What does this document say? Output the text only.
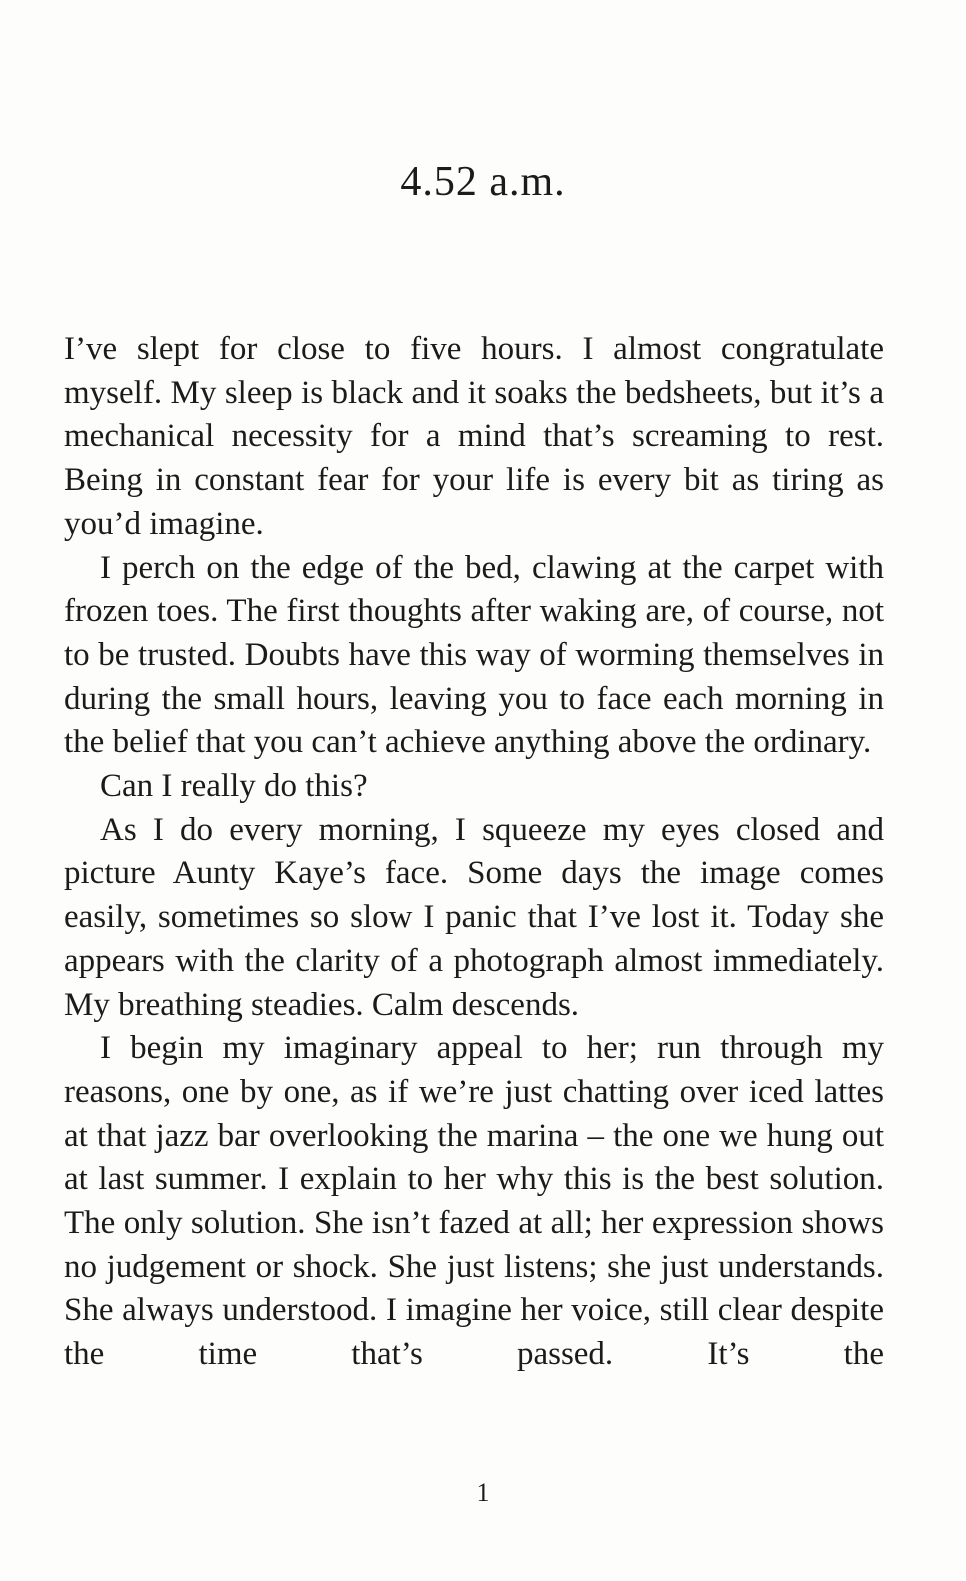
4.52 a.m.

I’ve slept for close to five hours. I almost congratulate myself. My sleep is black and it soaks the bedsheets, but it’s a mechanical necessity for a mind that’s screaming to rest. Being in constant fear for your life is every bit as tiring as you’d imagine.

I perch on the edge of the bed, clawing at the carpet with frozen toes. The first thoughts after waking are, of course, not to be trusted. Doubts have this way of worming themselves in during the small hours, leaving you to face each morning in the belief that you can’t achieve anything above the ordinary.

Can I really do this?

As I do every morning, I squeeze my eyes closed and picture Aunty Kaye’s face. Some days the image comes easily, sometimes so slow I panic that I’ve lost it. Today she appears with the clarity of a photograph almost immediately. My breathing steadies. Calm descends.

I begin my imaginary appeal to her; run through my reasons, one by one, as if we’re just chatting over iced lattes at that jazz bar overlooking the marina – the one we hung out at last summer. I explain to her why this is the best solution. The only solution. She isn’t fazed at all; her expression shows no judgement or shock. She just listens; she just understands. She always understood. I imagine her voice, still clear despite the time that’s passed. It’s the

1
